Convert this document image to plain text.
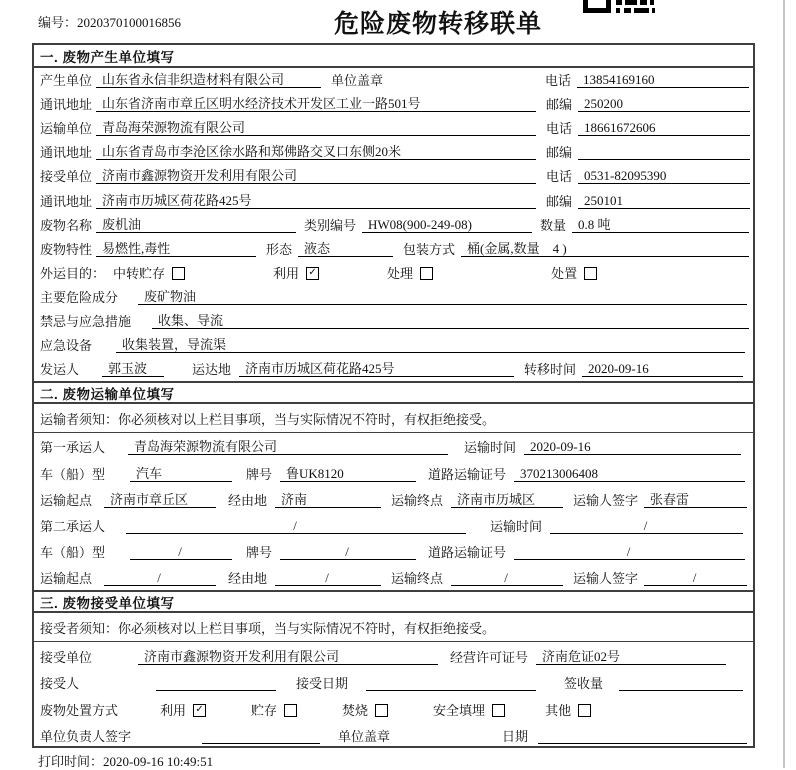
编号：2020370100016856	危险废物转移联单
一. 废物产生单位填写
产生单位 山东省永信非织造材料有限公司	单位盖章	电话 13854169160
通讯地址 山东省济南市章丘区明水经济技术开发区工业一路501号	邮编 250200
运输单位 青岛海荣源物流有限公司	电话 18661672606
通讯地址 山东省青岛市李沧区徐水路和郑佛路交叉口东侧20米	邮编
接受单位 济南市鑫源物资开发利用有限公司	电话 0531-82095390
通讯地址 济南市历城区荷花路425号	邮编 250101
废物名称 废机油	类别编号 HW08(900-249-08)	数量 0.8 吨
废物特性 易燃性,毒性	形态 液态	包装方式 桶(金属,数量　4 )
外运目的： 中转贮存	利用 ✓	处理	处置
主要危险成分	废矿物油
禁忌与应急措施	收集、导流
应急设备	收集装置，导流渠
发运人	郭玉波	运达地	济南市历城区荷花路425号	转移时间 2020-09-16
二. 废物运输单位填写
运输者须知：你必须核对以上栏目事项，当与实际情况不符时，有权拒绝接受。
第一承运人	青岛海荣源物流有限公司	运输时间	2020-09-16
车（船）型	汽车	牌号	鲁UK8120	道路运输证号	370213006408
运输起点	济南市章丘区	经由地	济南	运输终点	济南市历城区	运输人签字 张春雷
第二承运人	/	运输时间	/
车（船）型	/	牌号	/	道路运输证号	/
运输起点	/	经由地	/	运输终点	/	运输人签字	/
三. 废物接受单位填写
接受者须知：你必须核对以上栏目事项，当与实际情况不符时，有权拒绝接受。
接受单位	济南市鑫源物资开发利用有限公司	经营许可证号	济南危证02号
接受人	接受日期	签收量
废物处置方式	利用 ✓	贮存	焚烧	安全填埋	其他
单位负责人签字	单位盖章	日期
打印时间：2020-09-16 10:49:51
